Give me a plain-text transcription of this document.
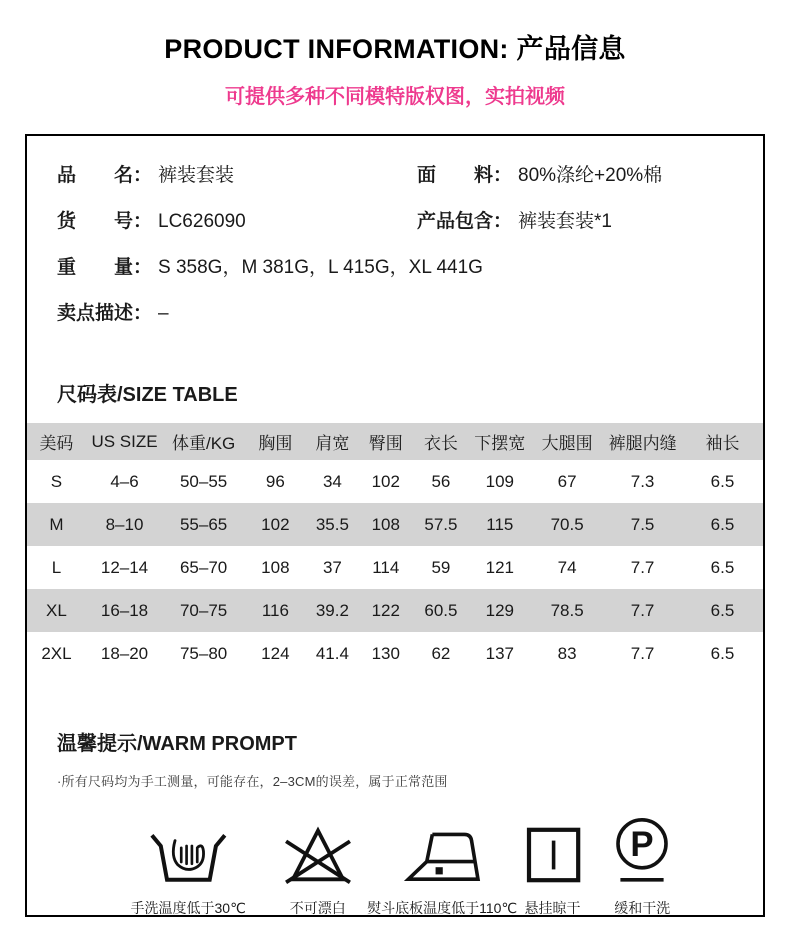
PRODUCT INFORMATION: 产品信息
可提供多种不同模特版权图，实拍视频
品　　名： 裤装套装	面　　料： 80%涤纶+20%棉
货　　号： LC626090	产品包含： 裤装套装*1
重　　量： S 358G，M 381G，L 415G，XL 441G
卖点描述： –
尺码表/SIZE TABLE
美码	US SIZE	体重/KG	胸围	肩宽	臀围	衣长	下摆宽	大腿围	裤腿内缝	袖长
S	4–6	50–55	96	34	102	56	109	67	7.3	6.5
M	8–10	55–65	102	35.5	108	57.5	115	70.5	7.5	6.5
L	12–14	65–70	108	37	114	59	121	74	7.7	6.5
XL	16–18	70–75	116	39.2	122	60.5	129	78.5	7.7	6.5
2XL	18–20	75–80	124	41.4	130	62	137	83	7.7	6.5
温馨提示/WARM PROMPT
·所有尺码均为手工测量，可能存在，2–3CM的误差，属于正常范围
手洗温度低于30℃	不可漂白	熨斗底板温度低于110℃ 悬挂晾干
P
缓和干洗
